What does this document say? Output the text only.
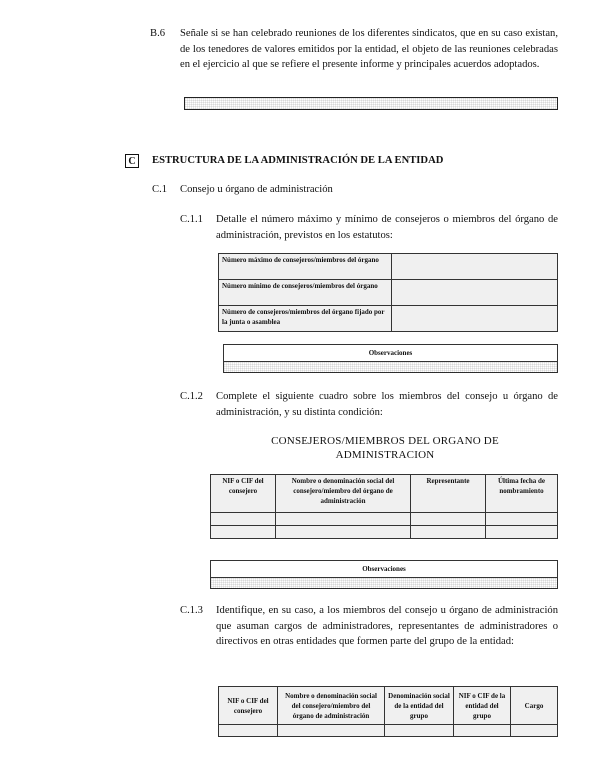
B.6 Señale si se han celebrado reuniones de los diferentes sindicatos, que en su caso existan, de los tenedores de valores emitidos por la entidad, el objeto de las reuniones celebradas en el ejercicio al que se refiere el presente informe y principales acuerdos adoptados.
C	ESTRUCTURA DE LA ADMINISTRACIÓN DE LA ENTIDAD
C.1 Consejo u órgano de administración
C.1.1 Detalle el número máximo y mínimo de consejeros o miembros del órgano de administración, previstos en los estatutos:
Número máximo de consejeros/miembros del órgano	
Número mínimo de consejeros/miembros del órgano	
Número de consejeros/miembros del órgano fijado por la junta o asamblea	
Observaciones
C.1.2 Complete el siguiente cuadro sobre los miembros del consejo u órgano de administración, y su distinta condición:
CONSEJEROS/MIEMBROS DEL ORGANO DE ADMINISTRACION
NIF o CIF del consejero	Nombre o denominación social del consejero/miembro del órgano de administración	Representante	Última fecha de nombramiento

Observaciones
C.1.3 Identifique, en su caso, a los miembros del consejo u órgano de administración que asuman cargos de administradores, representantes de administradores o directivos en otras entidades que formen parte del grupo de la entidad:
NIF o CIF del consejero	Nombre o denominación social del consejero/miembro del órgano de administración	Denominación social de la entidad del grupo	NIF o CIF de la entidad del grupo	Cargo
